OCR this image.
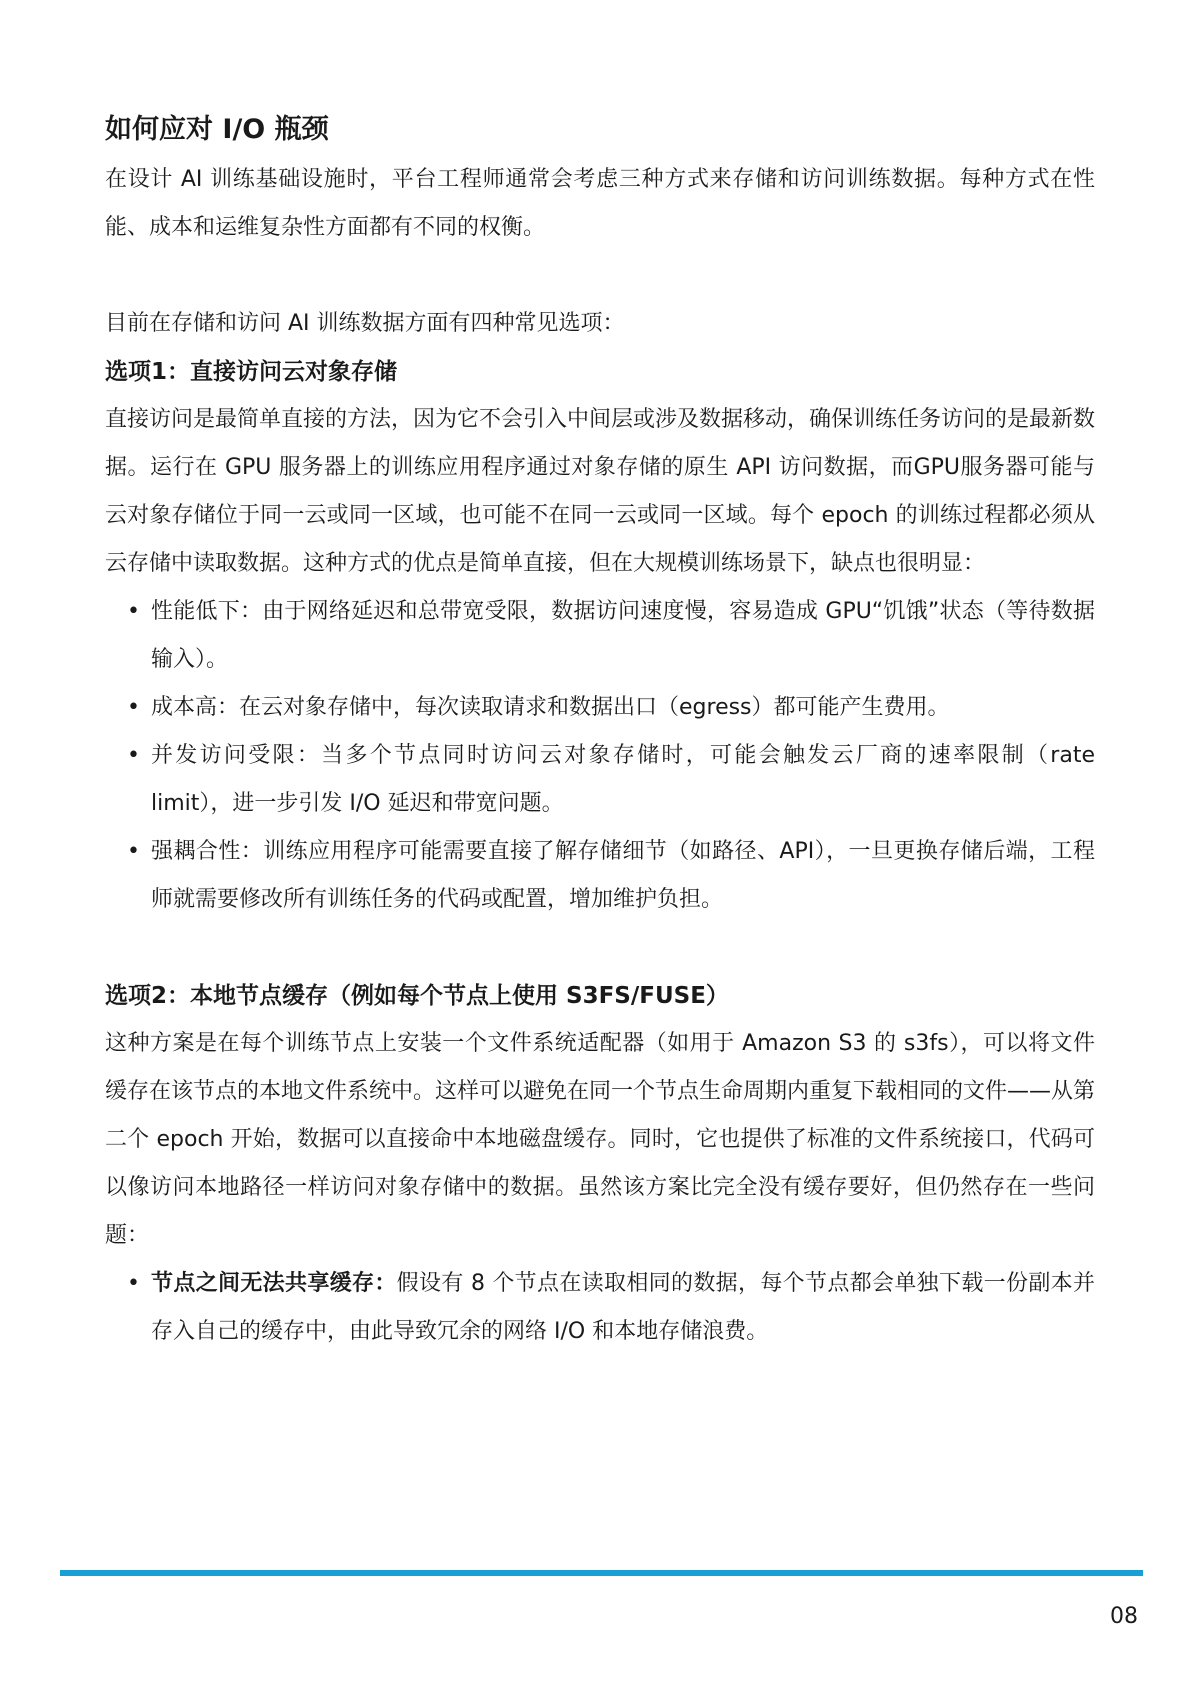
如何应对 I/O 瓶颈

在设计 AI 训练基础设施时，平台工程师通常会考虑三种方式来存储和访问训练数据。每种方式在性能、成本和运维复杂性方面都有不同的权衡。

目前在存储和访问 AI 训练数据方面有四种常见选项：

选项1：直接访问云对象存储

直接访问是最简单直接的方法，因为它不会引入中间层或涉及数据移动，确保训练任务访问的是最新数据。运行在 GPU 服务器上的训练应用程序通过对象存储的原生 API 访问数据，而GPU服务器可能与云对象存储位于同一云或同一区域，也可能不在同一云或同一区域。每个 epoch 的训练过程都必须从云存储中读取数据。这种方式的优点是简单直接，但在大规模训练场景下，缺点也很明显：

• 性能低下：由于网络延迟和总带宽受限，数据访问速度慢，容易造成 GPU“饥饿”状态（等待数据输入）。
• 成本高：在云对象存储中，每次读取请求和数据出口（egress）都可能产生费用。
• 并发访问受限：当多个节点同时访问云对象存储时，可能会触发云厂商的速率限制（rate limit），进一步引发 I/O 延迟和带宽问题。
• 强耦合性：训练应用程序可能需要直接了解存储细节（如路径、API），一旦更换存储后端，工程师就需要修改所有训练任务的代码或配置，增加维护负担。
选项2：本地节点缓存（例如每个节点上使用 S3FS/FUSE）

这种方案是在每个训练节点上安装一个文件系统适配器（如用于 Amazon S3 的 s3fs），可以将文件缓存在该节点的本地文件系统中。这样可以避免在同一个节点生命周期内重复下载相同的文件——从第二个 epoch 开始，数据可以直接命中本地磁盘缓存。同时，它也提供了标准的文件系统接口，代码可以像访问本地路径一样访问对象存储中的数据。虽然该方案比完全没有缓存要好，但仍然存在一些问题：

• 节点之间无法共享缓存：假设有 8 个节点在读取相同的数据，每个节点都会单独下载一份副本并存入自己的缓存中，由此导致冗余的网络 I/O 和本地存储浪费。
08
